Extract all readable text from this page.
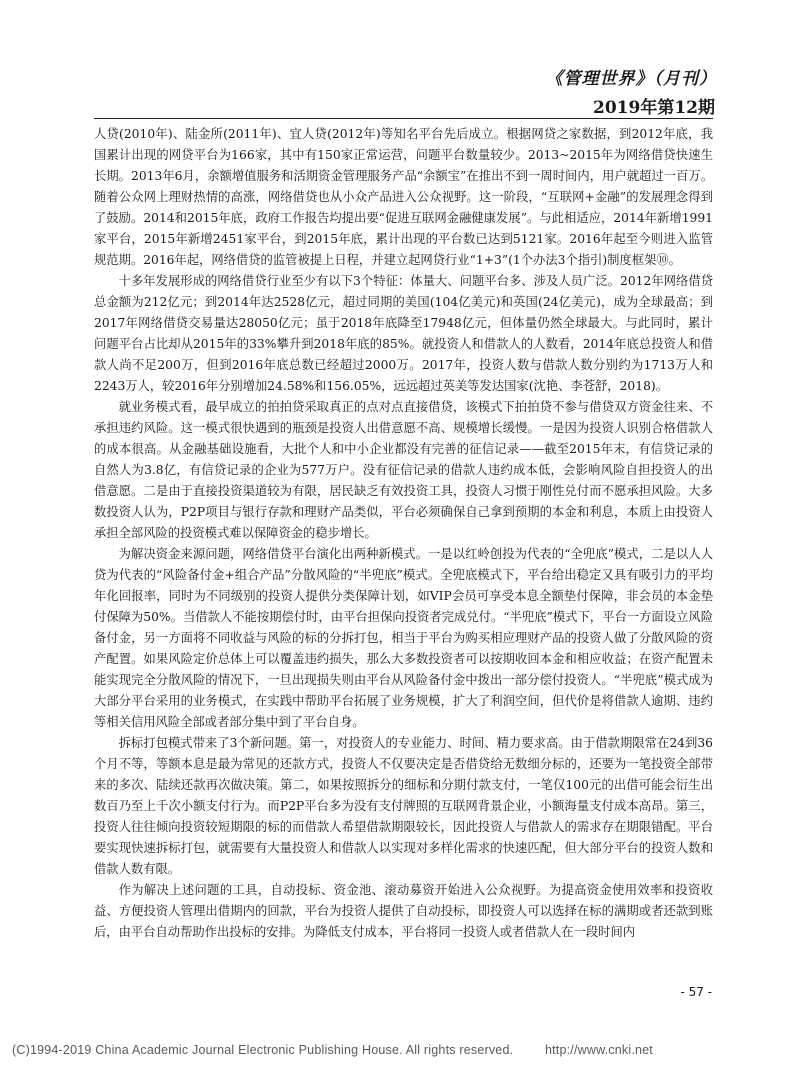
《管理世界》（月刊）
2019年第12期

人贷(2010年)、陆金所(2011年)、宜人贷(2012年)等知名平台先后成立。根据网贷之家数据，到2012年底，我国累计出现的网贷平台为166家，其中有150家正常运营，问题平台数量较少。2013~2015年为网络借贷快速生长期。2013年6月，余额增值服务和活期资金管理服务产品“余额宝”在推出不到一周时间内，用户就超过一百万。随着公众网上理财热情的高涨，网络借贷也从小众产品进入公众视野。这一阶段，“互联网+金融”的发展理念得到了鼓励。2014和2015年底，政府工作报告均提出要“促进互联网金融健康发展”。与此相适应，2014年新增1991家平台，2015年新增2451家平台，到2015年底，累计出现的平台数已达到5121家。2016年起至今则进入监管规范期。2016年起，网络借贷的监管被提上日程，并建立起网贷行业“1+3”(1个办法3个指引)制度框架⑩。

十多年发展形成的网络借贷行业至少有以下3个特征：体量大、问题平台多、涉及人员广泛。2012年网络借贷总金额为212亿元；到2014年达2528亿元，超过同期的美国(104亿美元)和英国(24亿美元)，成为全球最高；到2017年网络借贷交易量达28050亿元；虽于2018年底降至17948亿元，但体量仍然全球最大。与此同时，累计问题平台占比却从2015年的33%攀升到2018年底的85%。就投资人和借款人的人数看，2014年底总投资人和借款人尚不足200万，但到2016年底总数已经超过2000万。2017年，投资人数与借款人数分别约为1713万人和2243万人，较2016年分别增加24.58%和156.05%，远远超过英美等发达国家(沈艳、李苍舒，2018)。

就业务模式看，最早成立的拍拍贷采取真正的点对点直接借贷，该模式下拍拍贷不参与借贷双方资金往来、不承担违约风险。这一模式很快遇到的瓶颈是投资人出借意愿不高、规模增长缓慢。一是因为投资人识别合格借款人的成本很高。从金融基础设施看，大批个人和中小企业都没有完善的征信记录——截至2015年末，有信贷记录的自然人为3.8亿，有信贷记录的企业为577万户。没有征信记录的借款人违约成本低，会影响风险自担投资人的出借意愿。二是由于直接投资渠道较为有限，居民缺乏有效投资工具，投资人习惯于刚性兑付而不愿承担风险。大多数投资人认为，P2P项目与银行存款和理财产品类似，平台必须确保自己拿到预期的本金和利息，本质上由投资人承担全部风险的投资模式难以保障资金的稳步增长。

为解决资金来源问题，网络借贷平台演化出两种新模式。一是以红岭创投为代表的“全兜底”模式，二是以人人贷为代表的“风险备付金+组合产品”分散风险的“半兜底”模式。全兜底模式下，平台给出稳定又具有吸引力的平均年化回报率，同时为不同级别的投资人提供分类保障计划，如VIP会员可享受本息全额垫付保障，非会员的本金垫付保障为50%。当借款人不能按期偿付时，由平台担保向投资者完成兑付。“半兜底”模式下，平台一方面设立风险备付金，另一方面将不同收益与风险的标的分拆打包，相当于平台为购买相应理财产品的投资人做了分散风险的资产配置。如果风险定价总体上可以覆盖违约损失，那么大多数投资者可以按期收回本金和相应收益；在资产配置未能实现完全分散风险的情况下，一旦出现损失则由平台从风险备付金中拨出一部分偿付投资人。“半兜底”模式成为大部分平台采用的业务模式，在实践中帮助平台拓展了业务规模，扩大了利润空间，但代价是将借款人逾期、违约等相关信用风险全部或者部分集中到了平台自身。

拆标打包模式带来了3个新问题。第一，对投资人的专业能力、时间、精力要求高。由于借款期限常在24到36个月不等，等额本息是最为常见的还款方式，投资人不仅要决定是否借贷给无数细分标的，还要为一笔投资全部带来的多次、陆续还款再次做决策。第二，如果按照拆分的细标和分期付款支付，一笔仅100元的出借可能会衍生出数百乃至上千次小额支付行为。而P2P平台多为没有支付牌照的互联网背景企业，小额海量支付成本高昂。第三，投资人往往倾向投资较短期限的标的而借款人希望借款期限较长，因此投资人与借款人的需求存在期限错配。平台要实现快速拆标打包，就需要有大量投资人和借款人以实现对多样化需求的快速匹配，但大部分平台的投资人数和借款人数有限。

作为解决上述问题的工具，自动投标、资金池、滚动募资开始进入公众视野。为提高资金使用效率和投资收益、方便投资人管理出借期内的回款，平台为投资人提供了自动投标，即投资人可以选择在标的满期或者还款到账后，由平台自动帮助作出投标的安排。为降低支付成本，平台将同一投资人或者借款人在一段时间内

- 57 -
(C)1994-2019 China Academic Journal Electronic Publishing House. All rights reserved.	http://www.cnki.net
